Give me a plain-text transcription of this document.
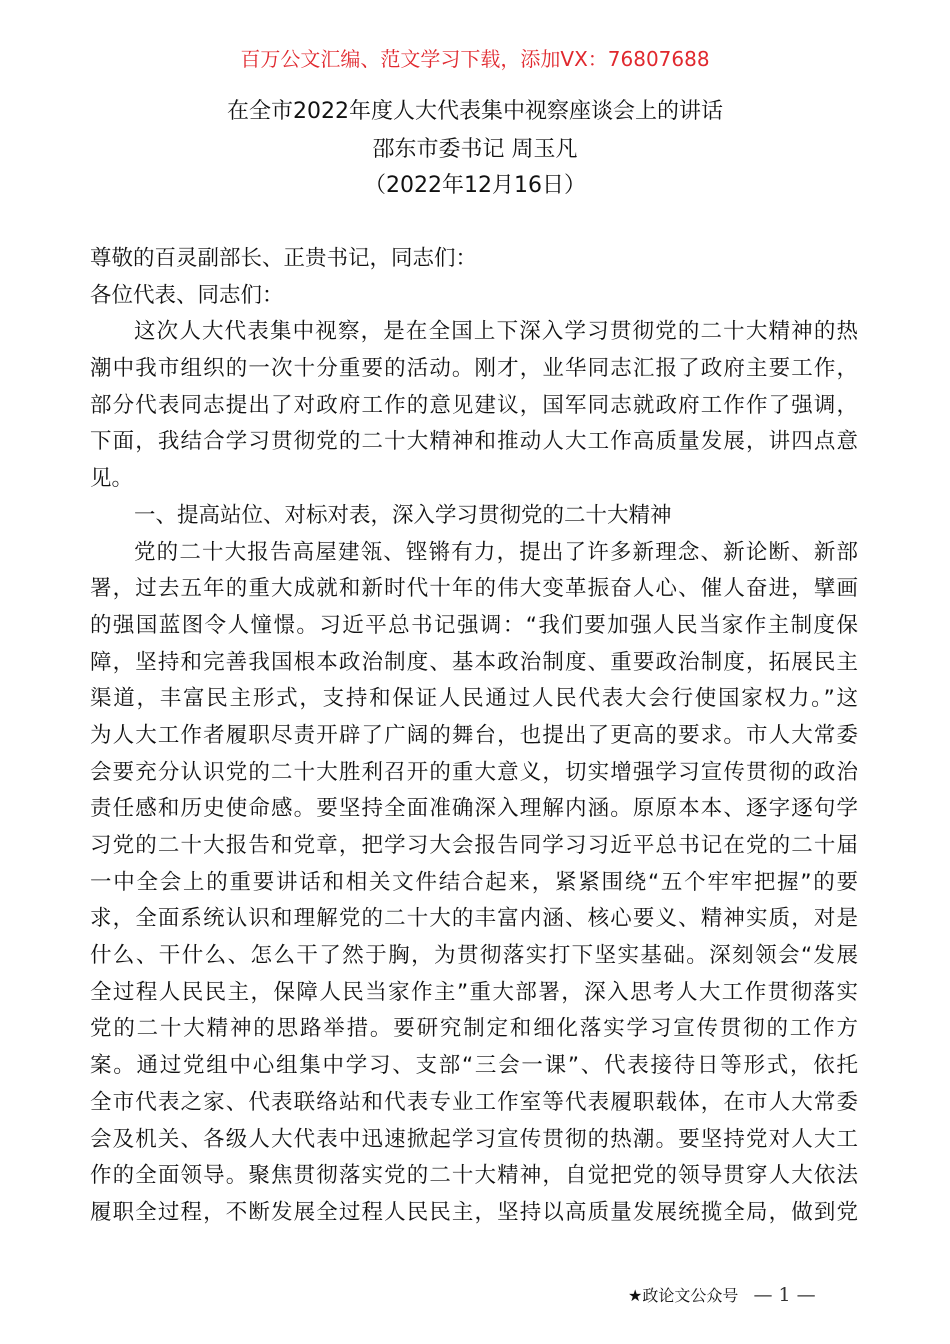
百万公文汇编、范文学习下载，添加VX：76807688
在全市2022年度人大代表集中视察座谈会上的讲话
邵东市委书记 周玉凡
（2022年12月16日）
尊敬的百灵副部长、正贵书记，同志们：
各位代表、同志们：
这次人大代表集中视察，是在全国上下深入学习贯彻党的二十大精神的热
潮中我市组织的一次十分重要的活动。刚才，业华同志汇报了政府主要工作，
部分代表同志提出了对政府工作的意见建议，国军同志就政府工作作了强调，
下面，我结合学习贯彻党的二十大精神和推动人大工作高质量发展，讲四点意
见。
一、提高站位、对标对表，深入学习贯彻党的二十大精神
党的二十大报告高屋建瓴、铿锵有力，提出了许多新理念、新论断、新部
署，过去五年的重大成就和新时代十年的伟大变革振奋人心、催人奋进，擘画
的强国蓝图令人憧憬。习近平总书记强调：“我们要加强人民当家作主制度保
障，坚持和完善我国根本政治制度、基本政治制度、重要政治制度，拓展民主
渠道，丰富民主形式，支持和保证人民通过人民代表大会行使国家权力。”这
为人大工作者履职尽责开辟了广阔的舞台，也提出了更高的要求。市人大常委
会要充分认识党的二十大胜利召开的重大意义，切实增强学习宣传贯彻的政治
责任感和历史使命感。要坚持全面准确深入理解内涵。原原本本、逐字逐句学
习党的二十大报告和党章，把学习大会报告同学习习近平总书记在党的二十届
一中全会上的重要讲话和相关文件结合起来，紧紧围绕“五个牢牢把握”的要
求，全面系统认识和理解党的二十大的丰富内涵、核心要义、精神实质，对是
什么、干什么、怎么干了然于胸，为贯彻落实打下坚实基础。深刻领会“发展
全过程人民民主，保障人民当家作主”重大部署，深入思考人大工作贯彻落实
党的二十大精神的思路举措。要研究制定和细化落实学习宣传贯彻的工作方
案。通过党组中心组集中学习、支部“三会一课”、代表接待日等形式，依托
全市代表之家、代表联络站和代表专业工作室等代表履职载体，在市人大常委
会及机关、各级人大代表中迅速掀起学习宣传贯彻的热潮。要坚持党对人大工
作的全面领导。聚焦贯彻落实党的二十大精神，自觉把党的领导贯穿人大依法
履职全过程，不断发展全过程人民民主，坚持以高质量发展统揽全局，做到党
★政论文公众号 — 1 —
